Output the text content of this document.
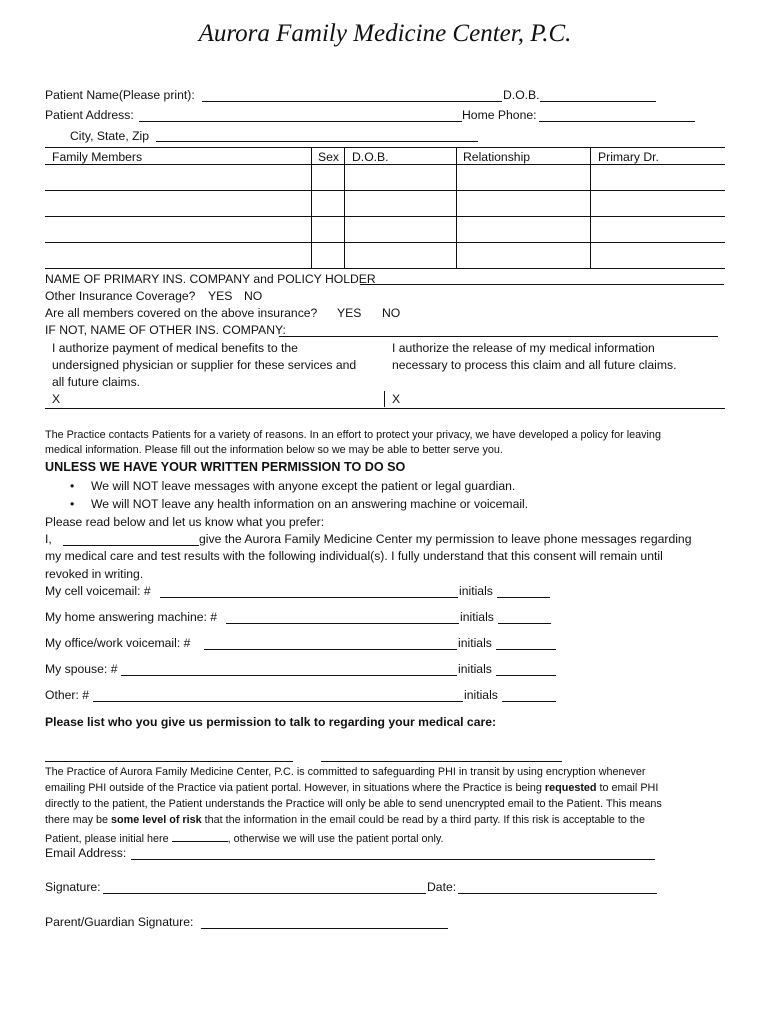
Aurora Family Medicine Center, P.C.
Patient Name(Please print):	D.O.B.
Patient Address:	Home Phone:
City, State, Zip
Family Members	Sex D.O.B.	Relationship	Primary Dr.
NAME OF PRIMARY INS. COMPANY and POLICY HOLDER
Other Insurance Coverage? YES NO
Are all members covered on the above insurance? YES NO
IF NOT, NAME OF OTHER INS. COMPANY:
I authorize payment of medical benefits to the
undersigned physician or supplier for these services and
all future claims.
I authorize the release of my medical information
necessary to process this claim and all future claims.
X	X
The Practice contacts Patients for a variety of reasons. In an effort to protect your privacy, we have developed a policy for leaving
medical information. Please fill out the information below so we may be able to better serve you.
UNLESS WE HAVE YOUR WRITTEN PERMISSION TO DO SO
• We will NOT leave messages with anyone except the patient or legal guardian.
• We will NOT leave any health information on an answering machine or voicemail.
Please read below and let us know what you prefer:
I,	give the Aurora Family Medicine Center my permission to leave phone messages regarding
my medical care and test results with the following individual(s). I fully understand that this consent will remain until
revoked in writing.
My cell voicemail: #	initials
My home answering machine: #	initials
My office/work voicemail: #	initials
My spouse: #	initials
Other: #	initials
Please list who you give us permission to talk to regarding your medical care:
The Practice of Aurora Family Medicine Center, P.C. is committed to safeguarding PHI in transit by using encryption whenever
emailing PHI outside of the Practice via patient portal. However, in situations where the Practice is being requested to email PHI
directly to the patient, the Patient understands the Practice will only be able to send unencrypted email to the Patient. This means
there may be some level of risk that the information in the email could be read by a third party. If this risk is acceptable to the
Patient, please initial here	, otherwise we will use the patient portal only.
Email Address:
Signature:	Date:
Parent/Guardian Signature:
